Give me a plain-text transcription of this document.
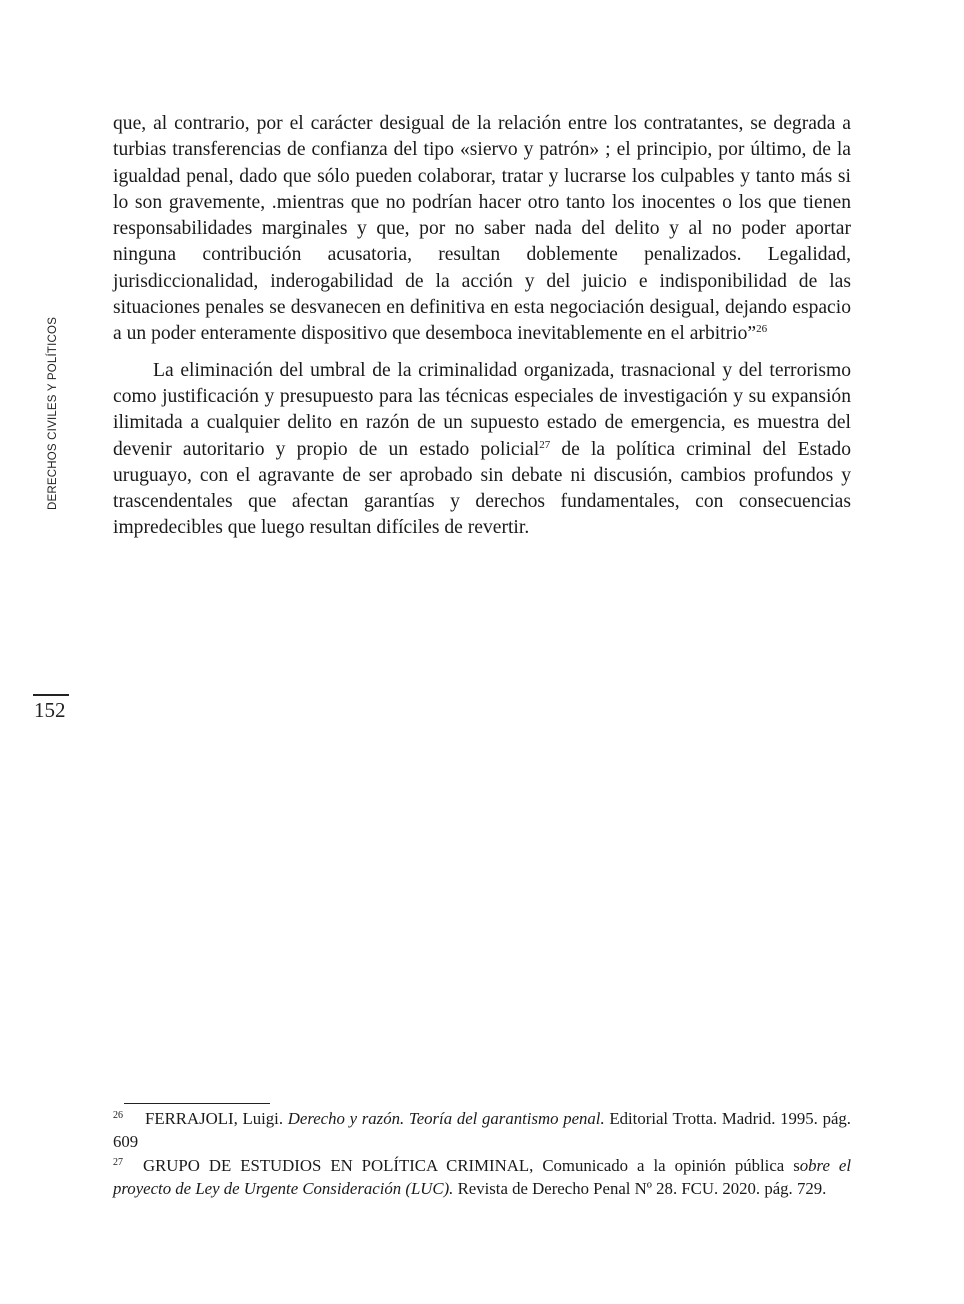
DERECHOS CIVILES Y POLÍTICOS
152

que, al contrario, por el carácter desigual de la relación entre los contratantes, se degrada a turbias transferencias de confianza del tipo «siervo y patrón» ; el principio, por último, de la igualdad penal, dado que sólo pueden colaborar, tratar y lucrarse los culpables y tanto más si lo son gravemente, .mientras que no podrían hacer otro tanto los inocentes o los que tienen responsabilidades marginales y que, por no saber nada del delito y al no poder aportar ninguna contribución acusatoria, resultan doblemente penalizados. Legalidad, jurisdiccionalidad, inderogabilidad de la acción y del juicio e indisponibilidad de las situaciones penales se desvanecen en definitiva en esta negociación desigual, dejando espacio a un poder enteramente dispositivo que desemboca inevitablemente en el arbitrio”$^{26}$

La eliminación del umbral de la criminalidad organizada, trasnacional y del terrorismo como justificación y presupuesto para las técnicas especiales de investigación y su expansión ilimitada a cualquier delito en razón de un supuesto estado de emergencia, es muestra del devenir autoritario y propio de un estado policial$^{27}$ de la política criminal del Estado uruguayo, con el agravante de ser aprobado sin debate ni discusión, cambios profundos y trascendentales que afectan garantías y derechos fundamentales, con consecuencias impredecibles que luego resultan difíciles de revertir.

$^{26}$ FERRAJOLI, Luigi. Derecho y razón. Teoría del garantismo penal. Editorial Trotta. Madrid. 1995. pág. 609

$^{27}$ GRUPO DE ESTUDIOS EN POLÍTICA CRIMINAL, Comunicado a la opinión pública sobre el proyecto de Ley de Urgente Consideración (LUC). Revista de Derecho Penal Nº 28. FCU. 2020. pág. 729.
